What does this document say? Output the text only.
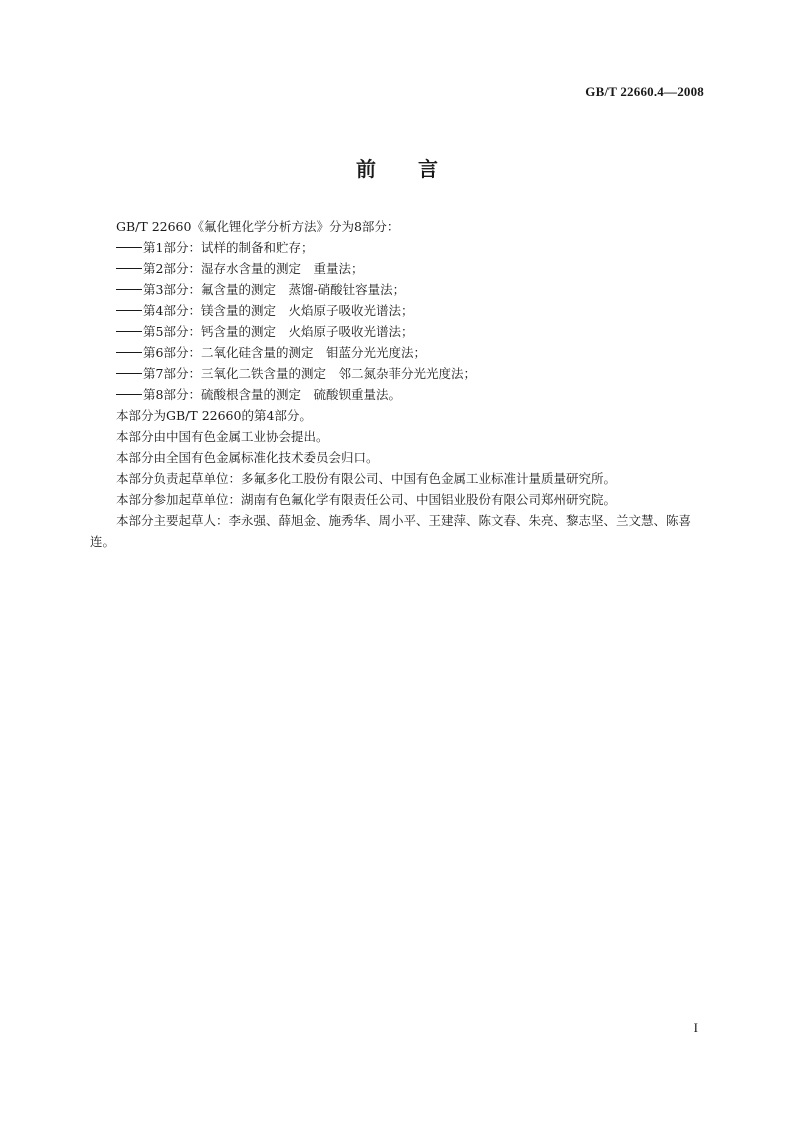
GB/T 22660.4—2008
前言

GB/T 22660《氟化锂化学分析方法》分为8部分：

第1部分：试样的制备和贮存；

第2部分：湿存水含量的测定　重量法；

第3部分：氟含量的测定　蒸馏-硝酸钍容量法；

第4部分：镁含量的测定　火焰原子吸收光谱法；

第5部分：钙含量的测定　火焰原子吸收光谱法；

第6部分：二氧化硅含量的测定　钼蓝分光光度法；

第7部分：三氧化二铁含量的测定　邻二氮杂菲分光光度法；

第8部分：硫酸根含量的测定　硫酸钡重量法。

本部分为GB/T 22660的第4部分。

本部分由中国有色金属工业协会提出。

本部分由全国有色金属标准化技术委员会归口。

本部分负责起草单位：多氟多化工股份有限公司、中国有色金属工业标准计量质量研究所。

本部分参加起草单位：湖南有色氟化学有限责任公司、中国铝业股份有限公司郑州研究院。

本部分主要起草人：李永强、薛旭金、施秀华、周小平、王建萍、陈文春、朱亮、黎志坚、兰文慧、陈喜连。

I
